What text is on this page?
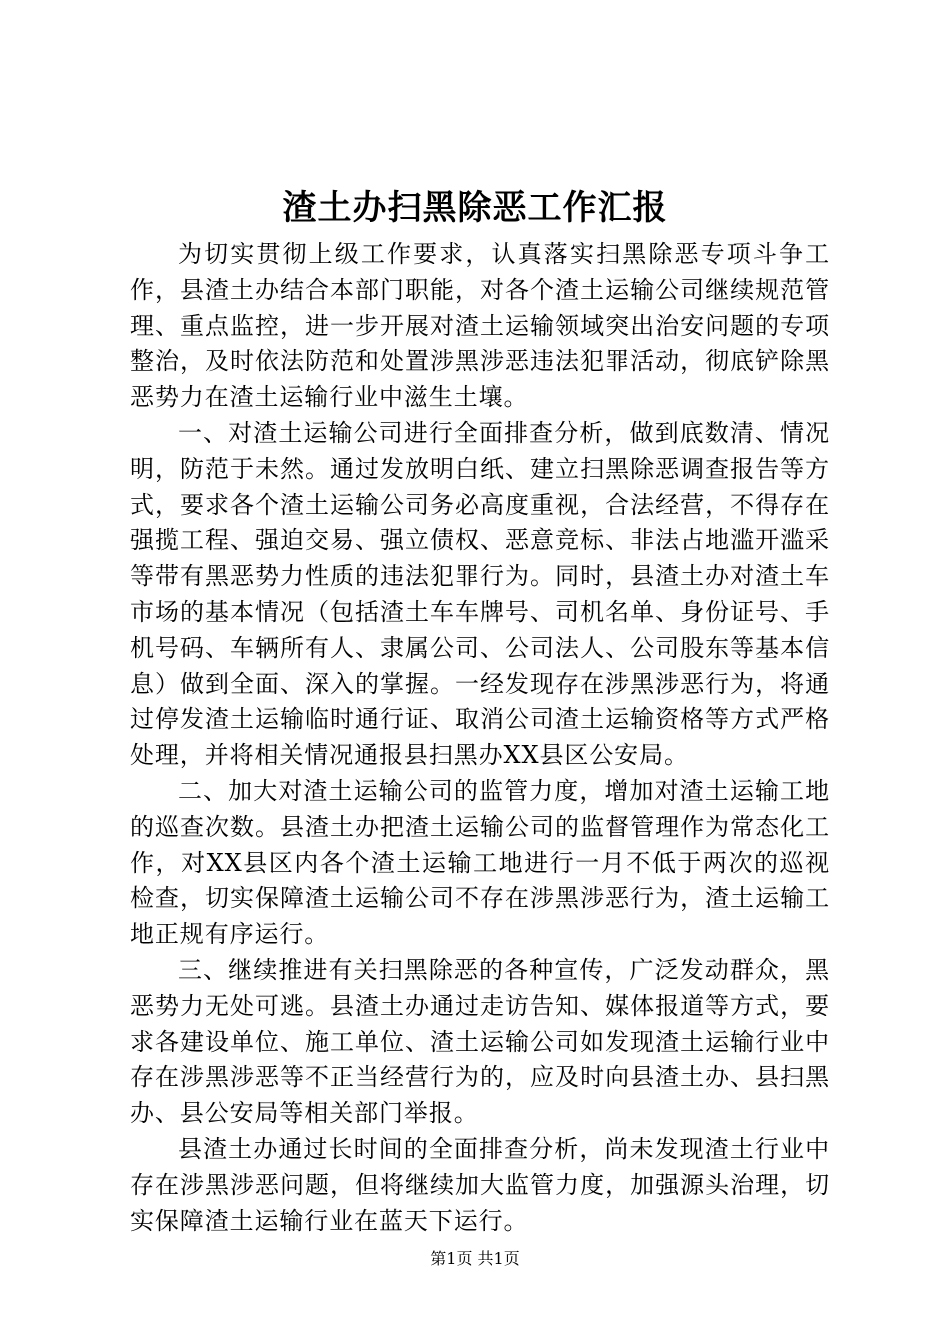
渣土办扫黑除恶工作汇报

为切实贯彻上级工作要求，认真落实扫黑除恶专项斗争工作，县渣土办结合本部门职能，对各个渣土运输公司继续规范管理、重点监控，进一步开展对渣土运输领域突出治安问题的专项整治，及时依法防范和处置涉黑涉恶违法犯罪活动，彻底铲除黑恶势力在渣土运输行业中滋生土壤。

一、对渣土运输公司进行全面排查分析，做到底数清、情况明，防范于未然。通过发放明白纸、建立扫黑除恶调查报告等方式，要求各个渣土运输公司务必高度重视，合法经营，不得存在强揽工程、强迫交易、强立债权、恶意竞标、非法占地滥开滥采等带有黑恶势力性质的违法犯罪行为。同时，县渣土办对渣土车市场的基本情况（包括渣土车车牌号、司机名单、身份证号、手机号码、车辆所有人、隶属公司、公司法人、公司股东等基本信息）做到全面、深入的掌握。一经发现存在涉黑涉恶行为，将通过停发渣土运输临时通行证、取消公司渣土运输资格等方式严格处理，并将相关情况通报县扫黑办XX县区公安局。

二、加大对渣土运输公司的监管力度，增加对渣土运输工地的巡查次数。县渣土办把渣土运输公司的监督管理作为常态化工作，对XX县区内各个渣土运输工地进行一月不低于两次的巡视检查，切实保障渣土运输公司不存在涉黑涉恶行为，渣土运输工地正规有序运行。

三、继续推进有关扫黑除恶的各种宣传，广泛发动群众，黑恶势力无处可逃。县渣土办通过走访告知、媒体报道等方式，要求各建设单位、施工单位、渣土运输公司如发现渣土运输行业中存在涉黑涉恶等不正当经营行为的，应及时向县渣土办、县扫黑办、县公安局等相关部门举报。

县渣土办通过长时间的全面排查分析，尚未发现渣土行业中存在涉黑涉恶问题，但将继续加大监管力度，加强源头治理，切实保障渣土运输行业在蓝天下运行。

第1页 共1页
